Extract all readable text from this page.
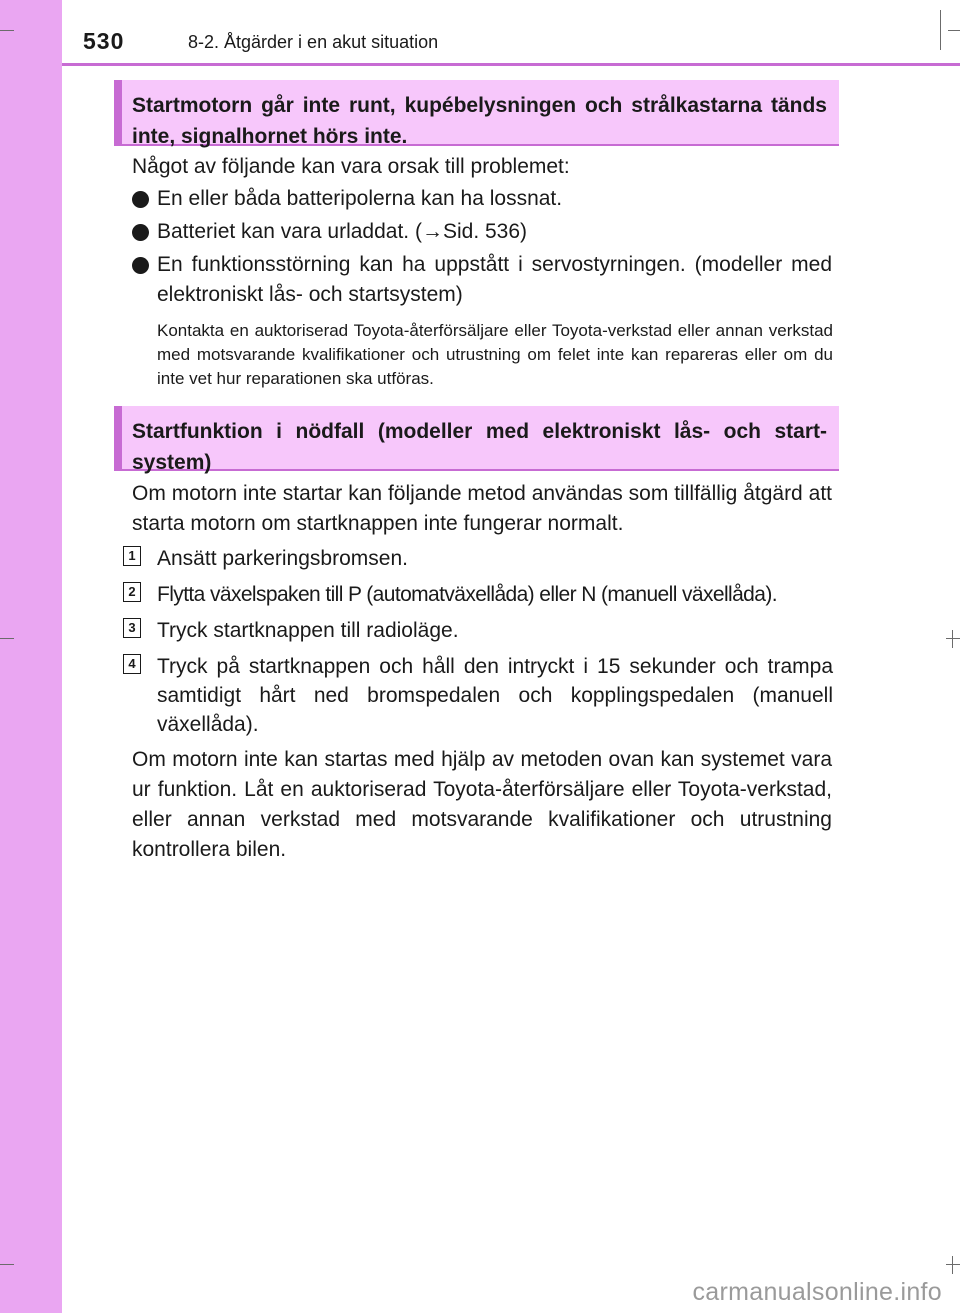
530	8-2. Åtgärder i en akut situation
Startmotorn går inte runt, kupébelysningen och strålkastarna tänds inte, signalhornet hörs inte.
Något av följande kan vara orsak till problemet:
En eller båda batteripolerna kan ha lossnat.
Batteriet kan vara urladdat. (→Sid. 536)
En funktionsstörning kan ha uppstått i servostyrningen. (modeller med elektroniskt lås- och startsystem)
Kontakta en auktoriserad Toyota-återförsäljare eller Toyota-verkstad eller annan verkstad med motsvarande kvalifikationer och utrustning om felet inte kan repareras eller om du inte vet hur reparationen ska utföras.
Startfunktion i nödfall (modeller med elektroniskt lås- och start-system)
Om motorn inte startar kan följande metod användas som tillfällig åtgärd att starta motorn om startknappen inte fungerar normalt.
1 Ansätt parkeringsbromsen.
2 Flytta växelspaken till P (automatväxellåda) eller N (manuell växellåda).
3 Tryck startknappen till radioläge.
4 Tryck på startknappen och håll den intryckt i 15 sekunder och trampa samtidigt hårt ned bromspedalen och kopplingspedalen (manuell växellåda).
Om motorn inte kan startas med hjälp av metoden ovan kan systemet vara ur funktion. Låt en auktoriserad Toyota-återförsäljare eller Toyota-verkstad, eller annan verkstad med motsvarande kvalifikationer och utrustning kontrollera bilen.
carmanualsonline.info
